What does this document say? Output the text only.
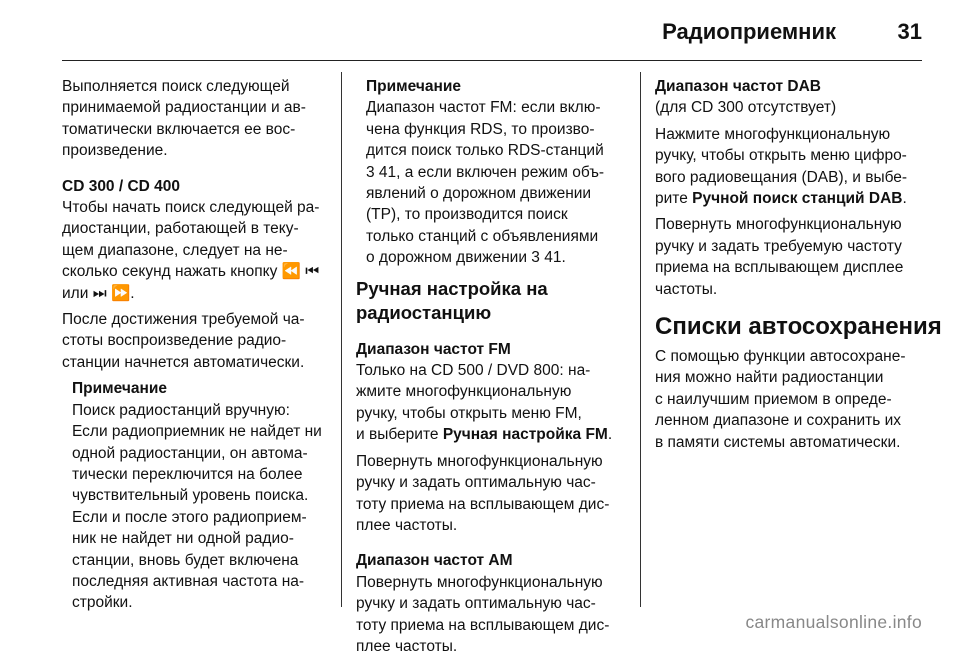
Радиоприемник	31

Выполняется поиск следующей

принимаемой радиостанции и ав-

томатически включается ее вос-

произведение.

CD 300 / CD 400

Чтобы начать поиск следующей ра-

диостанции, работающей в теку-

щем диапазоне, следует на не-

сколько секунд нажать кнопку ⏪ ⏮

или ⏭ ⏩.

После достижения требуемой ча-

стоты воспроизведение радио-

станции начнется автоматически.

Примечание

Поиск радиостанций вручную:

Если радиоприемник не найдет ни

одной радиостанции, он автома-

тически переключится на более

чувствительный уровень поиска.

Если и после этого радиоприем-

ник не найдет ни одной радио-

станции, вновь будет включена

последняя активная частота на-

стройки.

Примечание

Диапазон частот FM: если вклю-

чена функция RDS, то произво-

дится поиск только RDS-станций

3 41, а если включен режим объ-

явлений о дорожном движении

(TP), то производится поиск

только станций с объявлениями

о дорожном движении 3 41.

Ручная настройка на

радиостанцию

Диапазон частот FM

Только на CD 500 / DVD 800: на-

жмите многофункциональную

ручку, чтобы открыть меню FM,

и выберите Ручная настройка FM.

Повернуть многофункциональную

ручку и задать оптимальную час-

тоту приема на всплывающем дис-

плее частоты.

Диапазон частот AM

Повернуть многофункциональную

ручку и задать оптимальную час-

тоту приема на всплывающем дис-

плее частоты.

Диапазон частот DAB

(для CD 300 отсутствует)

Нажмите многофункциональную

ручку, чтобы открыть меню цифро-

вого радиовещания (DAB), и выбе-

рите Ручной поиск станций DAB.

Повернуть многофункциональную

ручку и задать требуемую частоту

приема на всплывающем дисплее

частоты.

Списки автосохранения

С помощью функции автосохране-

ния можно найти радиостанции

с наилучшим приемом в опреде-

ленном диапазоне и сохранить их

в памяти системы автоматически.

carmanualsonline.info
